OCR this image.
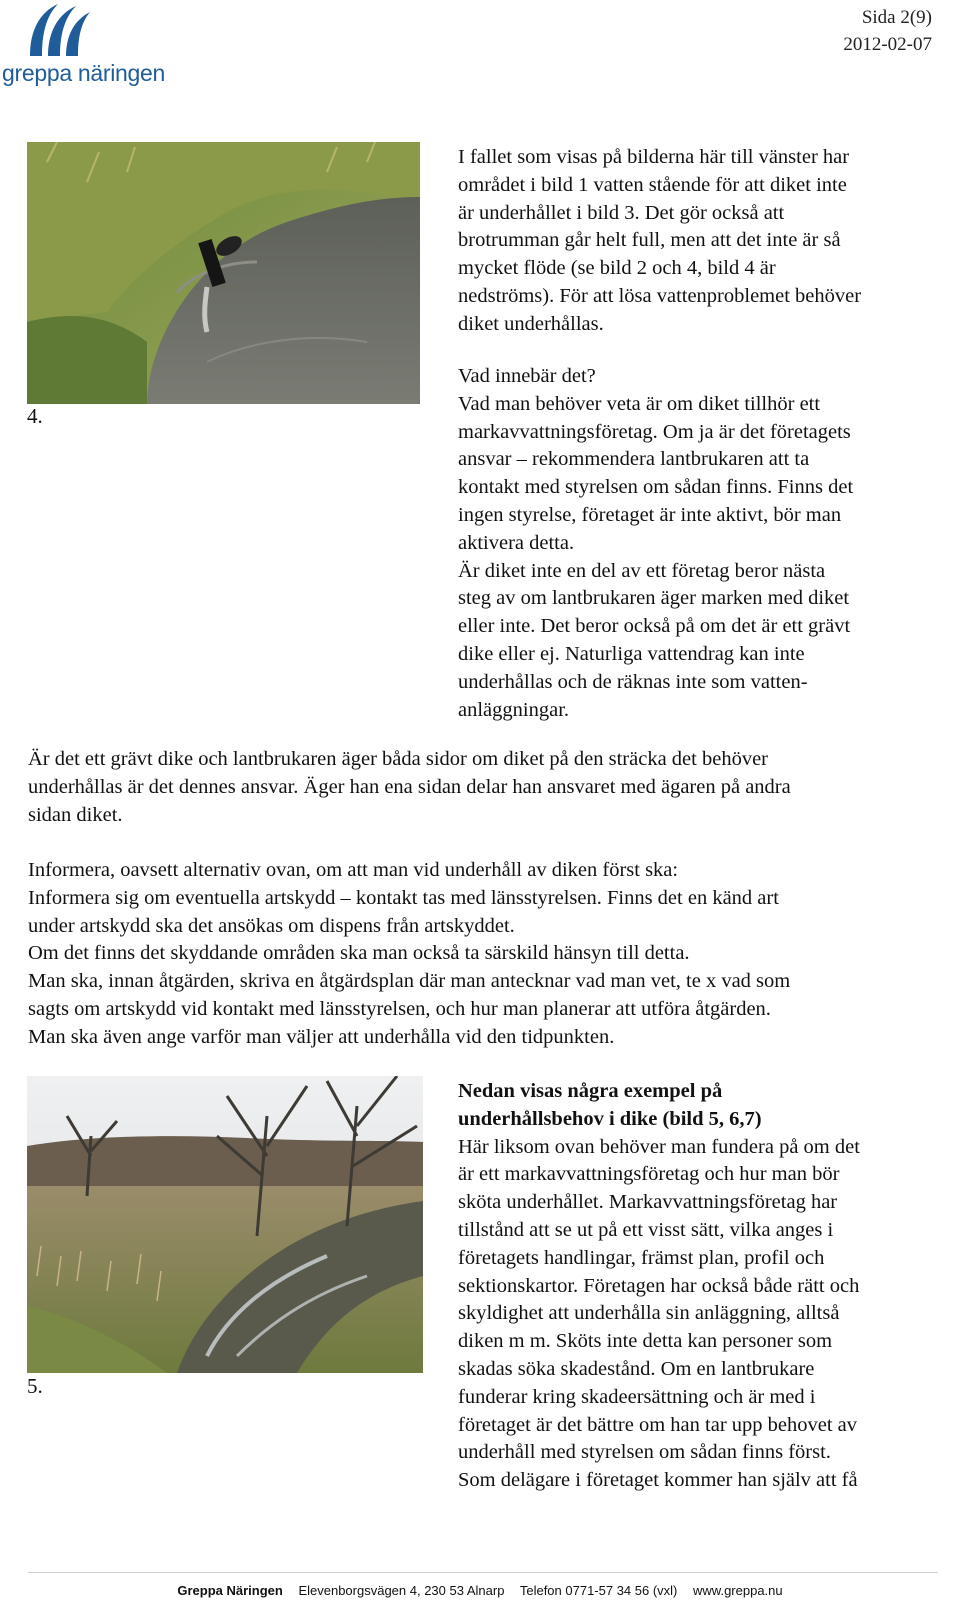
greppa näringen
Sida 2(9)
2012-02-07
4.

I fallet som visas på bilderna här till vänster har

området i bild 1 vatten stående för att diket inte

är underhållet i bild 3. Det gör också att

brotrumman går helt full, men att det inte är så

mycket flöde (se bild 2 och 4, bild 4 är

nedströms). För att lösa vattenproblemet behöver

diket underhållas.

Vad innebär det?

Vad man behöver veta är om diket tillhör ett

markavvattningsföretag. Om ja är det företagets

ansvar – rekommendera lantbrukaren att ta

kontakt med styrelsen om sådan finns. Finns det

ingen styrelse, företaget är inte aktivt, bör man

aktivera detta.

Är diket inte en del av ett företag beror nästa

steg av om lantbrukaren äger marken med diket

eller inte. Det beror också på om det är ett grävt

dike eller ej. Naturliga vattendrag kan inte

underhållas och de räknas inte som vatten-

anläggningar.

Är det ett grävt dike och lantbrukaren äger båda sidor om diket på den sträcka det behöver

underhållas är det dennes ansvar. Äger han ena sidan delar han ansvaret med ägaren på andra

sidan diket.

Informera, oavsett alternativ ovan, om att man vid underhåll av diken först ska:

Informera sig om eventuella artskydd – kontakt tas med länsstyrelsen. Finns det en känd art

under artskydd ska det ansökas om dispens från artskyddet.

Om det finns det skyddande områden ska man också ta särskild hänsyn till detta.

Man ska, innan åtgärden, skriva en åtgärdsplan där man antecknar vad man vet, te x vad som

sagts om artskydd vid kontakt med länsstyrelsen, och hur man planerar att utföra åtgärden.

Man ska även ange varför man väljer att underhålla vid den tidpunkten.

5.

Nedan visas några exempel på

underhållsbehov i dike (bild 5, 6,7)

Här liksom ovan behöver man fundera på om det

är ett markavvattningsföretag och hur man bör

sköta underhållet. Markavvattningsföretag har

tillstånd att se ut på ett visst sätt, vilka anges i

företagets handlingar, främst plan, profil och

sektionskartor. Företagen har också både rätt och

skyldighet att underhålla sin anläggning, alltså

diken m m. Sköts inte detta kan personer som

skadas söka skadestånd. Om en lantbrukare

funderar kring skadeersättning och är med i

företaget är det bättre om han tar upp behovet av

underhåll med styrelsen om sådan finns först.

Som delägare i företaget kommer han själv att få

Greppa Näringen Elevenborgsvägen 4, 230 53 Alnarp Telefon 0771-57 34 56 (vxl) www.greppa.nu
